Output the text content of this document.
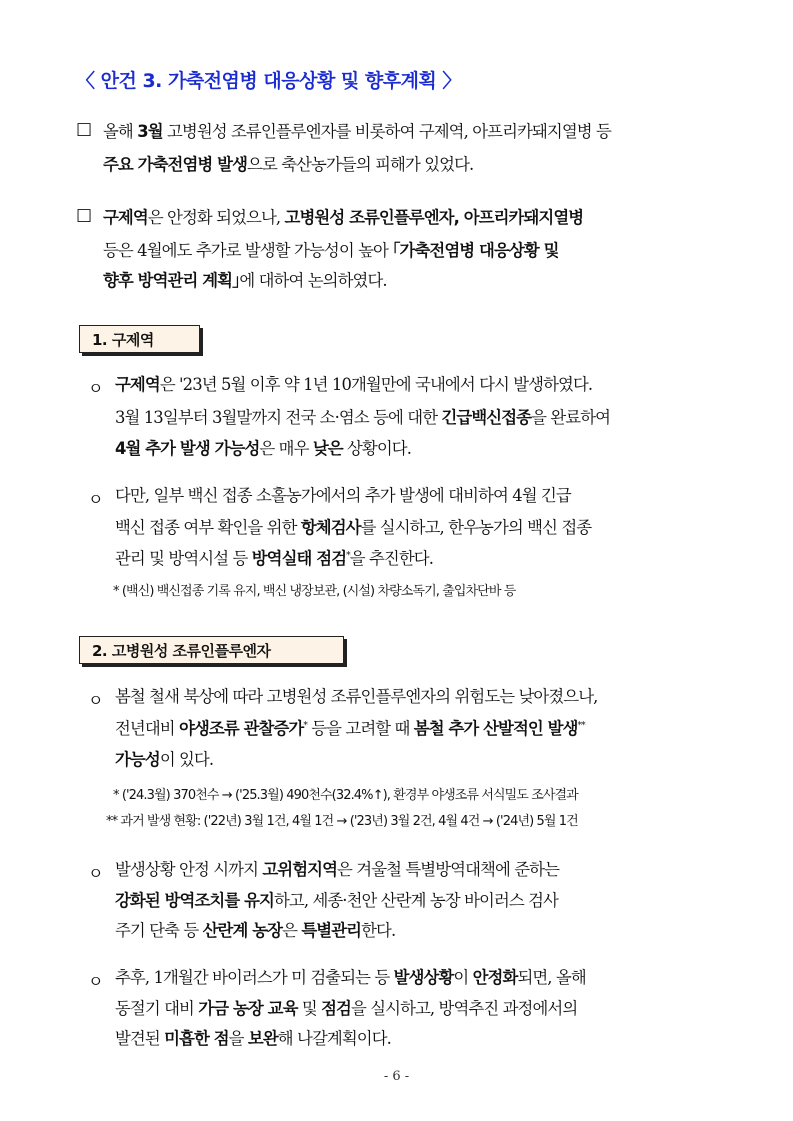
〈 안건 3. 가축전염병 대응상황 및 향후계획 〉
□ 올해 3월 고병원성 조류인플루엔자를 비롯하여 구제역, 아프리카돼지열병 등
주요 가축전염병 발생으로 축산농가들의 피해가 있었다.
□ 구제역은 안정화 되었으나, 고병원성 조류인플루엔자, 아프리카돼지열병
등은 4월에도 추가로 발생할 가능성이 높아 ｢가축전염병 대응상황 및
향후 방역관리 계획｣에 대하여 논의하였다.
1. 구제역
ㅇ 구제역은 '23년 5월 이후 약 1년 10개월만에 국내에서 다시 발생하였다.
3월 13일부터 3월말까지 전국 소·염소 등에 대한 긴급백신접종을 완료하여
4월 추가 발생 가능성은 매우 낮은 상황이다.
ㅇ 다만, 일부 백신 접종 소홀농가에서의 추가 발생에 대비하여 4월 긴급
백신 접종 여부 확인을 위한 항체검사를 실시하고, 한우농가의 백신 접종
관리 및 방역시설 등 방역실태 점검*을 추진한다.
* (백신) 백신접종 기록 유지, 백신 냉장보관, (시설) 차량소독기, 출입차단바 등
2. 고병원성 조류인플루엔자
ㅇ 봄철 철새 북상에 따라 고병원성 조류인플루엔자의 위험도는 낮아졌으나,
전년대비 야생조류 관찰증가* 등을 고려할 때 봄철 추가 산발적인 발생**
가능성이 있다.
* ('24.3월) 370천수 → ('25.3월) 490천수(32.4%↑), 환경부 야생조류 서식밀도 조사결과
** 과거 발생 현황: ('22년) 3월 1건, 4월 1건 → ('23년) 3월 2건, 4월 4건 → ('24년) 5월 1건
ㅇ 발생상황 안정 시까지 고위험지역은 겨울철 특별방역대책에 준하는
강화된 방역조치를 유지하고, 세종·천안 산란계 농장 바이러스 검사
주기 단축 등 산란계 농장은 특별관리한다.
ㅇ 추후, 1개월간 바이러스가 미 검출되는 등 발생상황이 안정화되면, 올해
동절기 대비 가금 농장 교육 및 점검을 실시하고, 방역추진 과정에서의
발견된 미흡한 점을 보완해 나갈계획이다.
- 6 -
